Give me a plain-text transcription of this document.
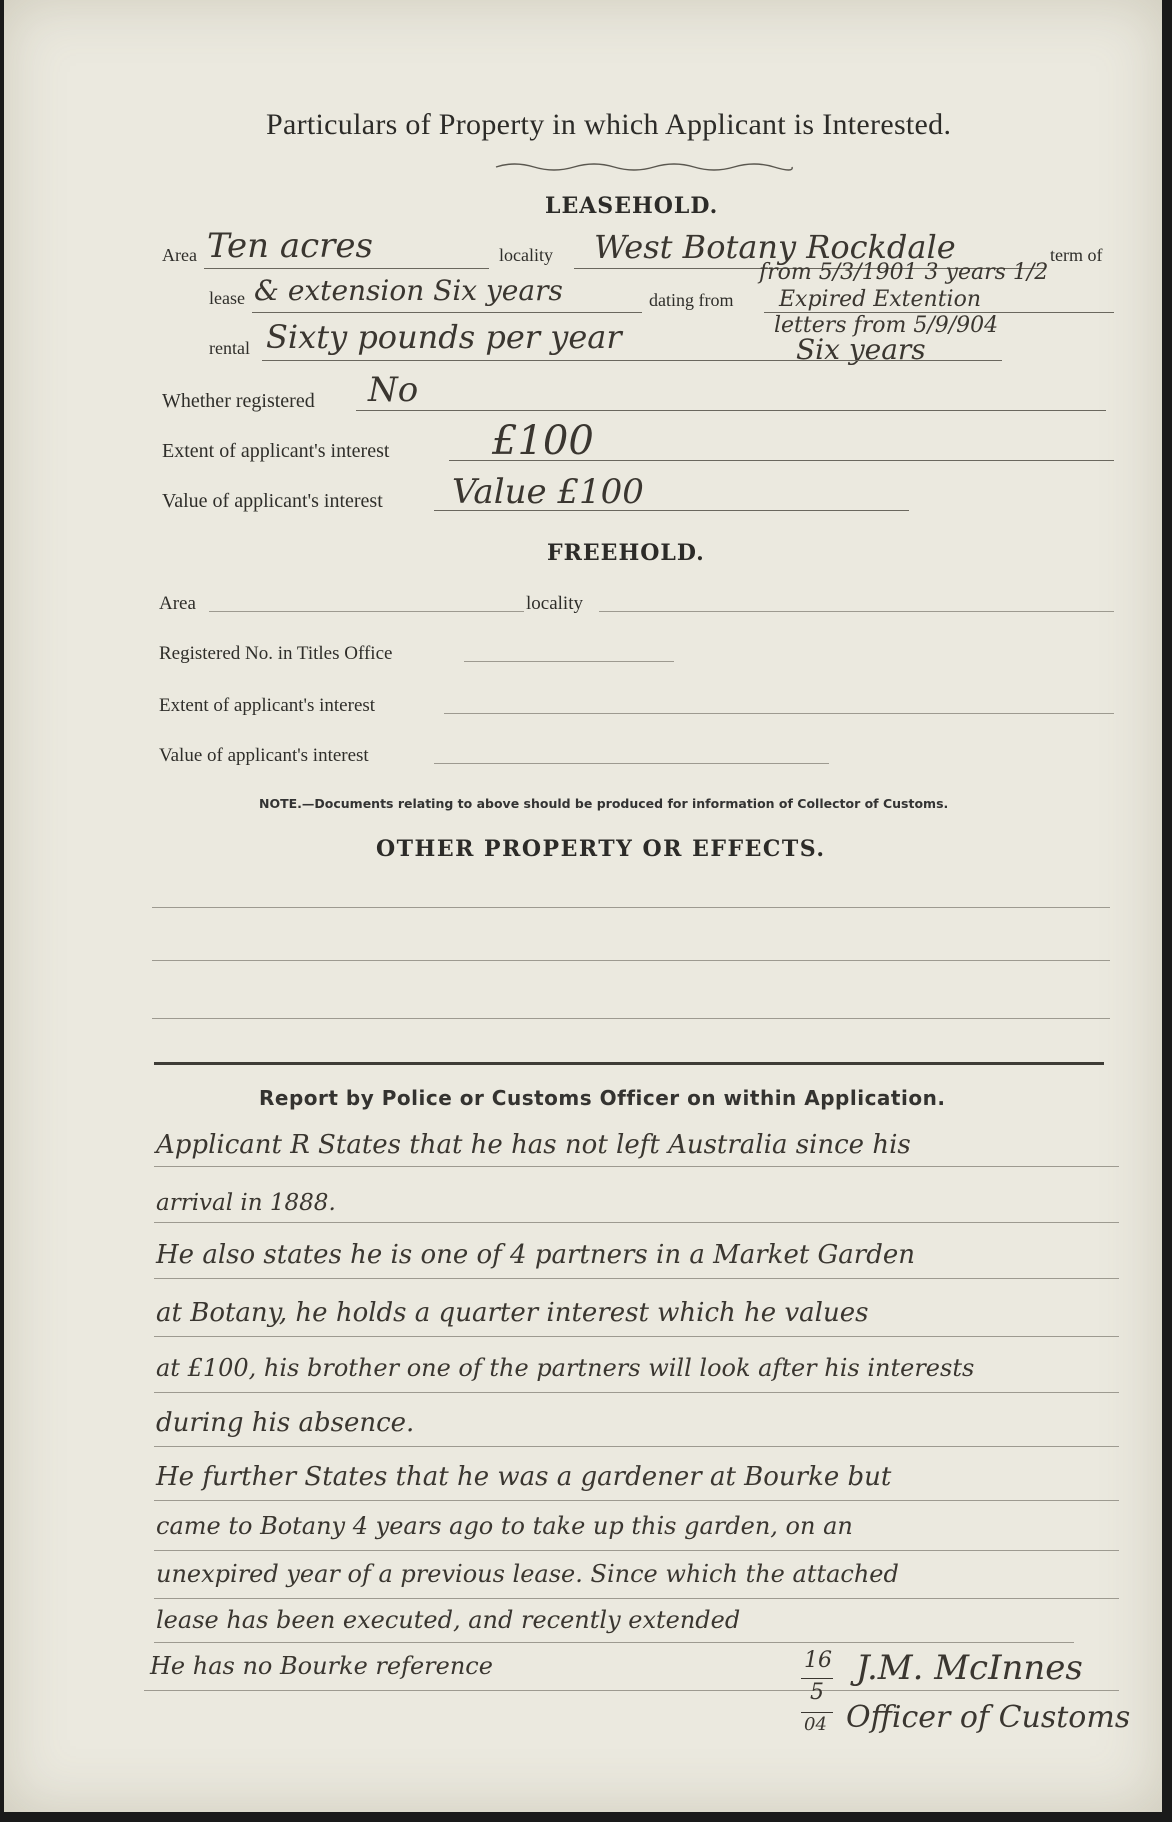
Particulars of Property in which Applicant is Interested.
LEASEHOLD.
Area Ten acres	locality West Botany Rockdale	term of
lease & extension Six years	dating from
from 5/3/1901 3 years 1/2
Expired Extention
letters from 5/9/904
rental Sixty pounds per year	Six years
Whether registered No
Extent of applicant's interest	£100
Value of applicant's interest Value £100
FREEHOLD.
Area	locality
Registered No. in Titles Office
Extent of applicant's interest
Value of applicant's interest
NOTE.—Documents relating to above should be produced for information of Collector of Customs.
OTHER PROPERTY OR EFFECTS.
Report by Police or Customs Officer on within Application.
Applicant R States that he has not left Australia since his
arrival in 1888.
He also states he is one of 4 partners in a Market Garden
at Botany, he holds a quarter interest which he values
at £100, his brother one of the partners will look after his interests
during his absence.
He further States that he was a gardener at Bourke but
came to Botany 4 years ago to take up this garden, on an
unexpired year of a previous lease. Since which the attached
lease has been executed, and recently extended
He has no Bourke reference	16
5
04
J.M. McInnes
Officer of Customs
